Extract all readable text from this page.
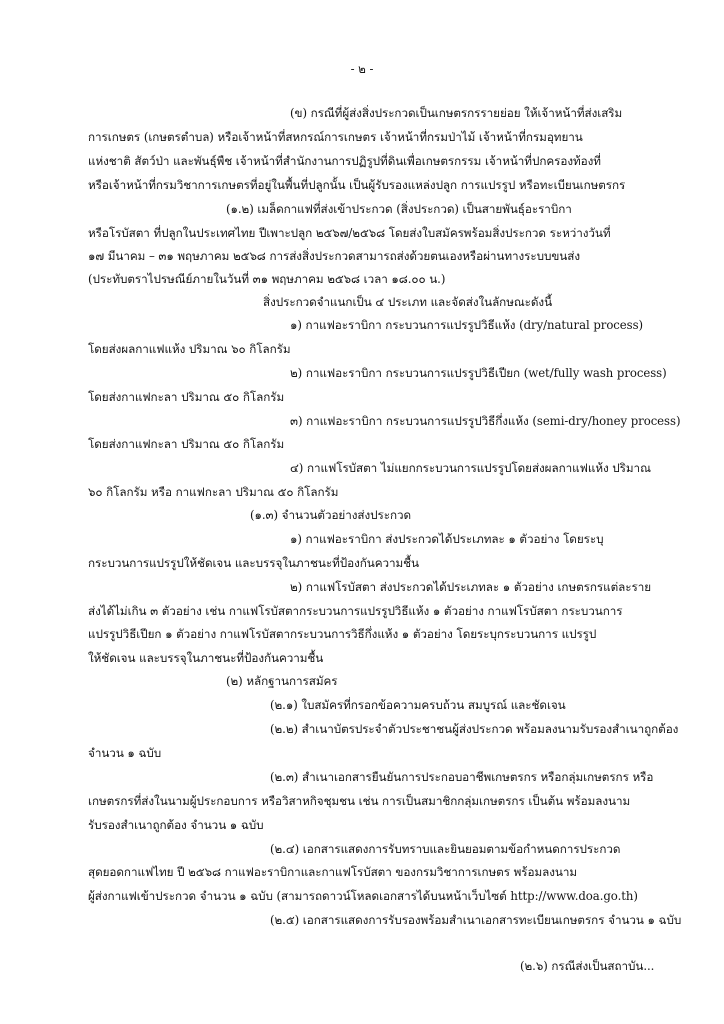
- ๒ -
(ข) กรณีที่ผู้ส่งสิ่งประกวดเป็นเกษตรกรรายย่อย ให้เจ้าหน้าที่ส่งเสริม
การเกษตร (เกษตรตำบล) หรือเจ้าหน้าที่สหกรณ์การเกษตร เจ้าหน้าที่กรมป่าไม้ เจ้าหน้าที่กรมอุทยาน
แห่งชาติ สัตว์ป่า และพันธุ์พืช เจ้าหน้าที่สำนักงานการปฏิรูปที่ดินเพื่อเกษตรกรรม เจ้าหน้าที่ปกครองท้องที่
หรือเจ้าหน้าที่กรมวิชาการเกษตรที่อยู่ในพื้นที่ปลูกนั้น เป็นผู้รับรองแหล่งปลูก การแปรรูป หรือทะเบียนเกษตรกร
(๑.๒) เมล็ดกาแฟที่ส่งเข้าประกวด (สิ่งประกวด) เป็นสายพันธุ์อะราบิกา
หรือโรบัสตา ที่ปลูกในประเทศไทย ปีเพาะปลูก ๒๕๖๗/๒๕๖๘ โดยส่งใบสมัครพร้อมสิ่งประกวด ระหว่างวันที่
๑๗ มีนาคม – ๓๑ พฤษภาคม ๒๕๖๘ การส่งสิ่งประกวดสามารถส่งด้วยตนเองหรือผ่านทางระบบขนส่ง
(ประทับตราไปรษณีย์ภายในวันที่ ๓๑ พฤษภาคม ๒๕๖๘ เวลา ๑๘.๐๐ น.)
สิ่งประกวดจำแนกเป็น ๔ ประเภท และจัดส่งในลักษณะดังนี้
๑) กาแฟอะราบิกา กระบวนการแปรรูปวิธีแห้ง (dry/natural process)
โดยส่งผลกาแฟแห้ง ปริมาณ ๖๐ กิโลกรัม
๒) กาแฟอะราบิกา กระบวนการแปรรูปวิธีเปียก (wet/fully wash process)
โดยส่งกาแฟกะลา ปริมาณ ๕๐ กิโลกรัม
๓) กาแฟอะราบิกา กระบวนการแปรรูปวิธีกึ่งแห้ง (semi-dry/honey process)
โดยส่งกาแฟกะลา ปริมาณ ๕๐ กิโลกรัม
๔) กาแฟโรบัสตา ไม่แยกกระบวนการแปรรูปโดยส่งผลกาแฟแห้ง ปริมาณ
๖๐ กิโลกรัม หรือ กาแฟกะลา ปริมาณ ๕๐ กิโลกรัม
(๑.๓) จำนวนตัวอย่างส่งประกวด
๑) กาแฟอะราบิกา ส่งประกวดได้ประเภทละ ๑ ตัวอย่าง โดยระบุ
กระบวนการแปรรูปให้ชัดเจน และบรรจุในภาชนะที่ป้องกันความชื้น
๒) กาแฟโรบัสตา ส่งประกวดได้ประเภทละ ๑ ตัวอย่าง เกษตรกรแต่ละราย
ส่งได้ไม่เกิน ๓ ตัวอย่าง เช่น กาแฟโรบัสตากระบวนการแปรรูปวิธีแห้ง ๑ ตัวอย่าง กาแฟโรบัสตา กระบวนการ
แปรรูปวิธีเปียก ๑ ตัวอย่าง กาแฟโรบัสตากระบวนการวิธีกึ่งแห้ง ๑ ตัวอย่าง โดยระบุกระบวนการ แปรรูป
ให้ชัดเจน และบรรจุในภาชนะที่ป้องกันความชื้น
(๒) หลักฐานการสมัคร
(๒.๑) ใบสมัครที่กรอกข้อความครบถ้วน สมบูรณ์ และชัดเจน
(๒.๒) สำเนาบัตรประจำตัวประชาชนผู้ส่งประกวด พร้อมลงนามรับรองสำเนาถูกต้อง
จำนวน ๑ ฉบับ
(๒.๓) สำเนาเอกสารยืนยันการประกอบอาชีพเกษตรกร หรือกลุ่มเกษตรกร หรือ
เกษตรกรที่ส่งในนามผู้ประกอบการ หรือวิสาหกิจชุมชน เช่น การเป็นสมาชิกกลุ่มเกษตรกร เป็นต้น พร้อมลงนาม
รับรองสำเนาถูกต้อง จำนวน ๑ ฉบับ
(๒.๔) เอกสารแสดงการรับทราบและยินยอมตามข้อกำหนดการประกวด
สุดยอดกาแฟไทย ปี ๒๕๖๘ กาแฟอะราบิกาและกาแฟโรบัสตา ของกรมวิชาการเกษตร พร้อมลงนาม
ผู้ส่งกาแฟเข้าประกวด จำนวน ๑ ฉบับ (สามารถดาวน์โหลดเอกสารได้บนหน้าเว็บไซต์ http://www.doa.go.th)
(๒.๕) เอกสารแสดงการรับรองพร้อมสำเนาเอกสารทะเบียนเกษตรกร จำนวน ๑ ฉบับ
(๒.๖) กรณีส่งเป็นสถาบัน...
